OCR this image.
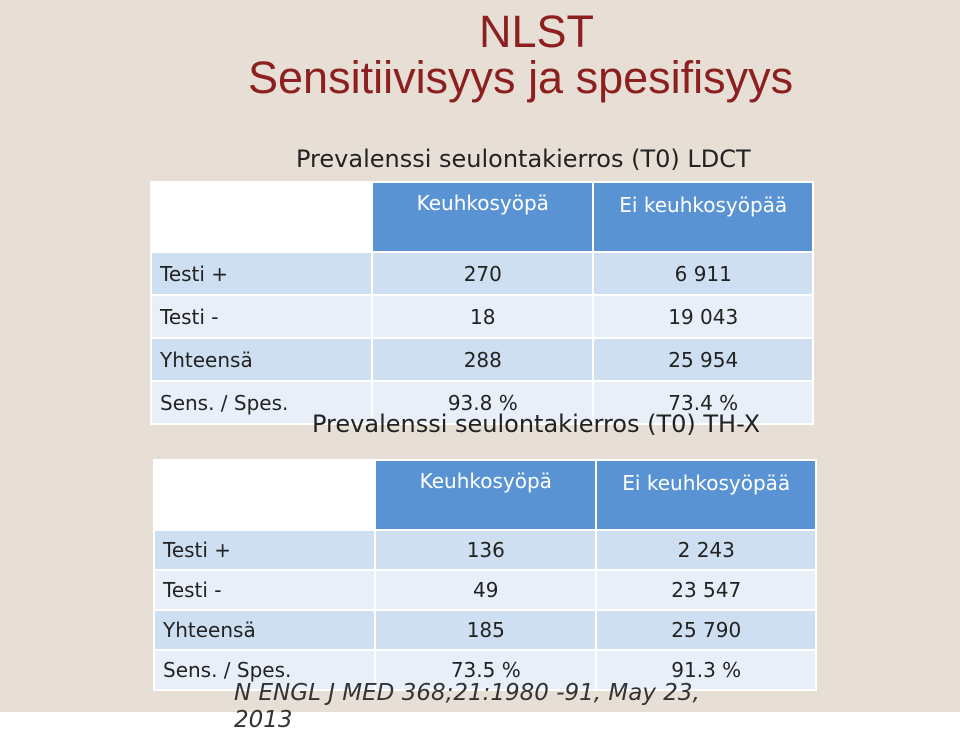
NLST
Sensitiivisyys ja spesifisyys
Prevalenssi seulontakierros (T0) LDCT
	Keuhkosyöpä	Ei keuhkosyöpää
Testi +	270	6 911
Testi -	18	19 043
Yhteensä	288	25 954
Sens. / Spes.	93.8 %	73.4 %
Prevalenssi seulontakierros (T0) TH-X
	Keuhkosyöpä	Ei keuhkosyöpää
Testi +	136	2 243
Testi -	49	23 547
Yhteensä	185	25 790
Sens. / Spes.	73.5 %	91.3 %
N ENGL J MED 368;21:1980 -91, May 23, 2013
